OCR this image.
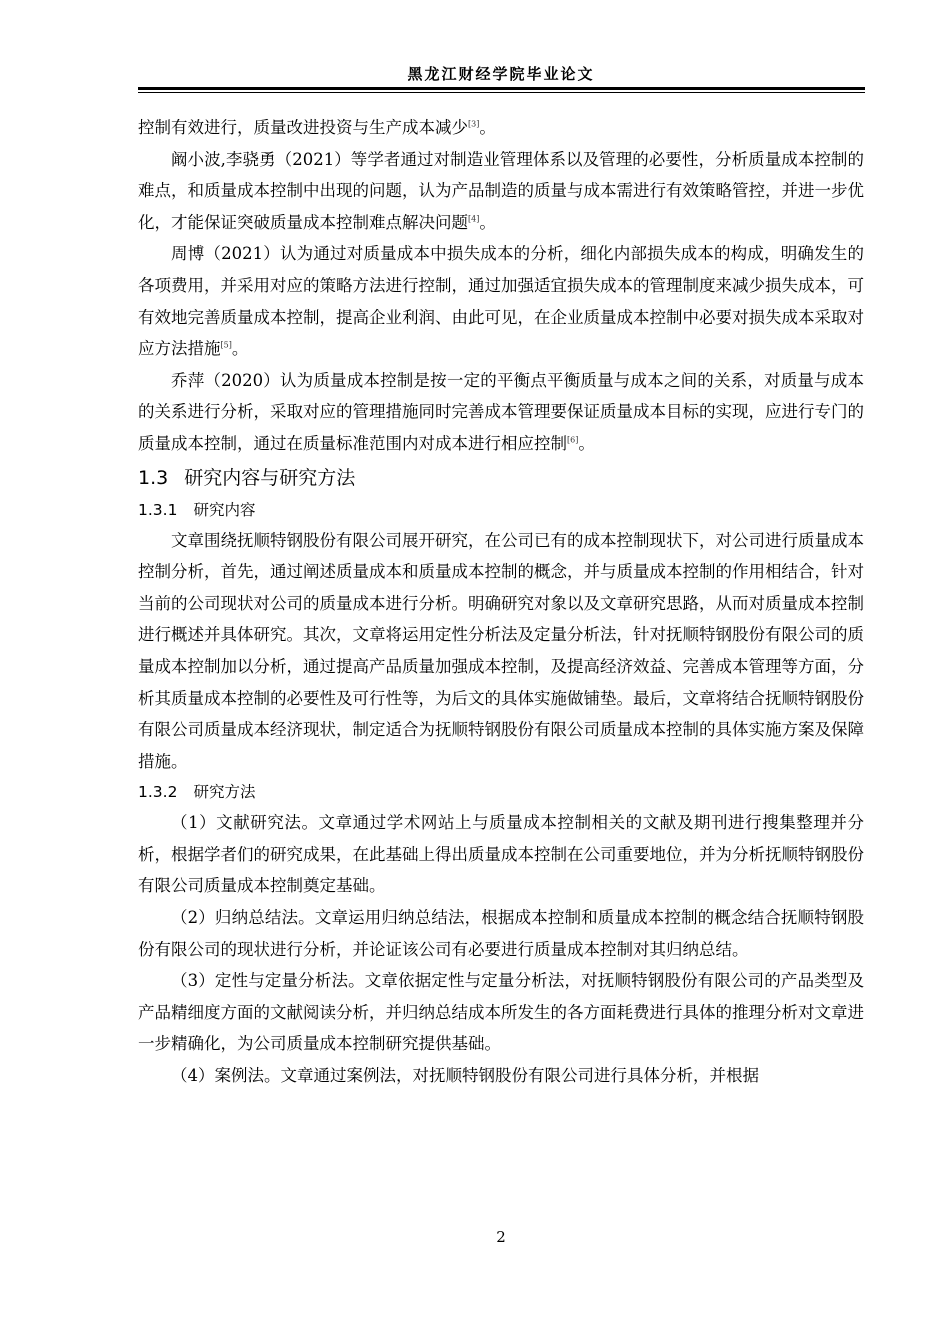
黑龙江财经学院毕业论文

控制有效进行，质量改进投资与生产成本减少[3]。

阚小波,李骁勇（2021）等学者通过对制造业管理体系以及管理的必要性，分析质量成本控制的难点，和质量成本控制中出现的问题，认为产品制造的质量与成本需进行有效策略管控，并进一步优化，才能保证突破质量成本控制难点解决问题[4]。

周博（2021）认为通过对质量成本中损失成本的分析，细化内部损失成本的构成，明确发生的各项费用，并采用对应的策略方法进行控制，通过加强适宜损失成本的管理制度来减少损失成本，可有效地完善质量成本控制，提高企业利润、由此可见，在企业质量成本控制中必要对损失成本采取对应方法措施[5]。

乔萍（2020）认为质量成本控制是按一定的平衡点平衡质量与成本之间的关系，对质量与成本的关系进行分析，采取对应的管理措施同时完善成本管理要保证质量成本目标的实现，应进行专门的质量成本控制，通过在质量标准范围内对成本进行相应控制[6]。

1.3 研究内容与研究方法
1.3.1 研究内容

文章围绕抚顺特钢股份有限公司展开研究，在公司已有的成本控制现状下，对公司进行质量成本控制分析，首先，通过阐述质量成本和质量成本控制的概念，并与质量成本控制的作用相结合，针对当前的公司现状对公司的质量成本进行分析。明确研究对象以及文章研究思路，从而对质量成本控制进行概述并具体研究。其次，文章将运用定性分析法及定量分析法，针对抚顺特钢股份有限公司的质量成本控制加以分析，通过提高产品质量加强成本控制，及提高经济效益、完善成本管理等方面，分析其质量成本控制的必要性及可行性等，为后文的具体实施做铺垫。最后，文章将结合抚顺特钢股份有限公司质量成本经济现状，制定适合为抚顺特钢股份有限公司质量成本控制的具体实施方案及保障措施。

1.3.2 研究方法

（1）文献研究法。文章通过学术网站上与质量成本控制相关的文献及期刊进行搜集整理并分析，根据学者们的研究成果，在此基础上得出质量成本控制在公司重要地位，并为分析抚顺特钢股份有限公司质量成本控制奠定基础。

（2）归纳总结法。文章运用归纳总结法，根据成本控制和质量成本控制的概念结合抚顺特钢股份有限公司的现状进行分析，并论证该公司有必要进行质量成本控制对其归纳总结。

（3）定性与定量分析法。文章依据定性与定量分析法，对抚顺特钢股份有限公司的产品类型及产品精细度方面的文献阅读分析，并归纳总结成本所发生的各方面耗费进行具体的推理分析对文章进一步精确化，为公司质量成本控制研究提供基础。

（4）案例法。文章通过案例法，对抚顺特钢股份有限公司进行具体分析，并根据

2
